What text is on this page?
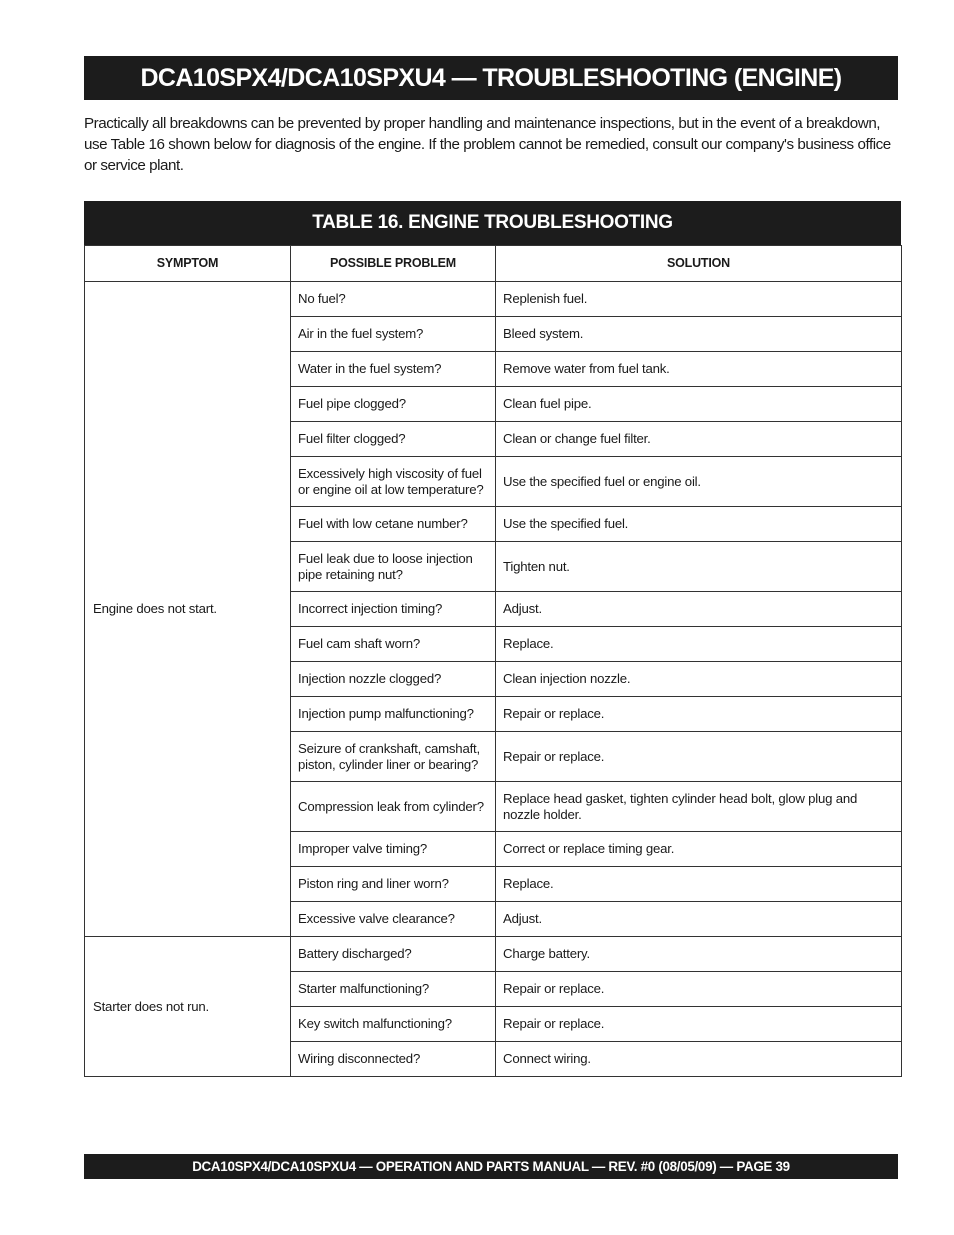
DCA10SPX4/DCA10SPXU4 — TROUBLESHOOTING (ENGINE)

Practically all breakdowns can be prevented by proper handling and maintenance inspections, but in the event of a breakdown, use Table 16 shown below for diagnosis of the engine. If the problem cannot be remedied, consult our company's business office or service plant.

TABLE 16. ENGINE TROUBLESHOOTING
SYMPTOM	POSSIBLE PROBLEM	SOLUTION
Engine does not start.	No fuel?	Replenish fuel.
	Air in the fuel system?	Bleed system.
	Water in the fuel system?	Remove water from fuel tank.
	Fuel pipe clogged?	Clean fuel pipe.
	Fuel filter clogged?	Clean or change fuel filter.
	Excessively high viscosity of fuel or engine oil at low temperature?	Use the specified fuel or engine oil.
	Fuel with low cetane number?	Use the specified fuel.
	Fuel leak due to loose injection pipe retaining nut?	Tighten nut.
	Incorrect injection timing?	Adjust.
	Fuel cam shaft worn?	Replace.
	Injection nozzle clogged?	Clean injection nozzle.
	Injection pump malfunctioning?	Repair or replace.
	Seizure of crankshaft, camshaft, piston, cylinder liner or bearing?	Repair or replace.
	Compression leak from cylinder?	Replace head gasket, tighten cylinder head bolt, glow plug and nozzle holder.
	Improper valve timing?	Correct or replace timing gear.
	Piston ring and liner worn?	Replace.
	Excessive valve clearance?	Adjust.
Starter does not run.	Battery discharged?	Charge battery.
	Starter malfunctioning?	Repair or replace.
	Key switch malfunctioning?	Repair or replace.
	Wiring disconnected?	Connect wiring.
DCA10SPX4/DCA10SPXU4 — OPERATION AND PARTS MANUAL — REV. #0 (08/05/09) — PAGE 39
